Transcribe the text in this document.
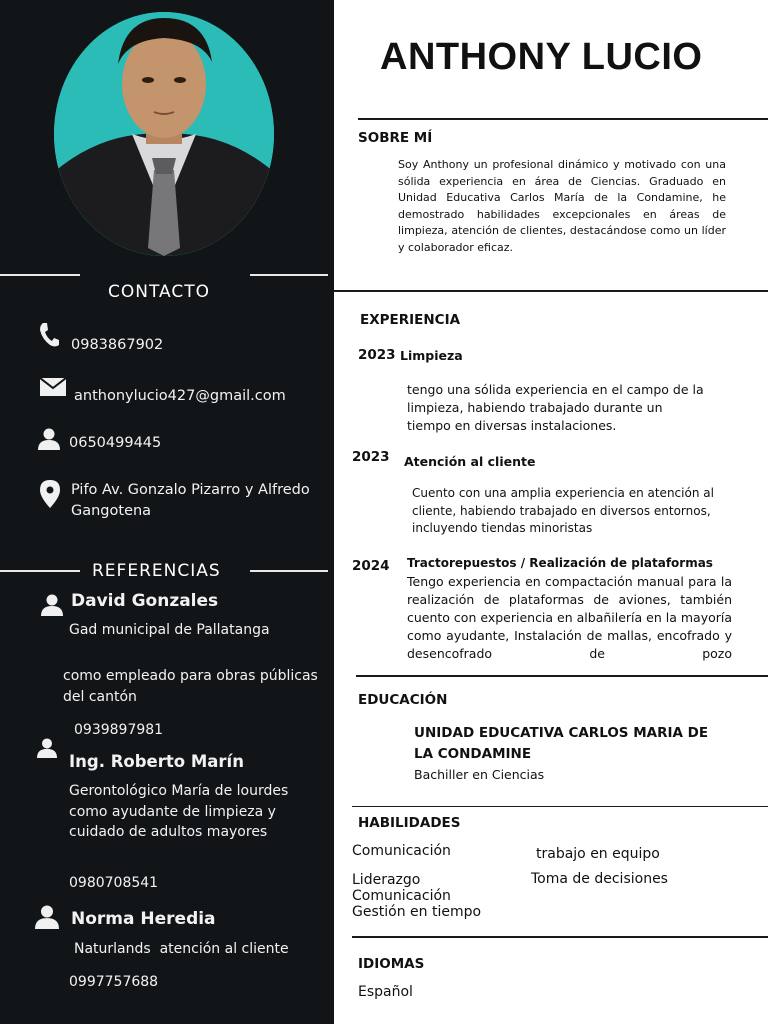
CONTACTO
0983867902
anthonylucio427@gmail.com
0650499445
Pifo Av. Gonzalo Pizarro y Alfredo Gangotena
REFERENCIAS
David Gonzales
Gad municipal de Pallatanga
como empleado para obras públicas del cantón
0939897981
Ing. Roberto Marín
Gerontológico María de lourdes como ayudante de limpieza y cuidado de adultos mayores
0980708541
Norma Heredia
Naturlands  atención al cliente
0997757688
ANTHONY LUCIO
SOBRE MÍ
Soy Anthony un profesional dinámico y motivado con una sólida experiencia en área de Ciencias. Graduado en Unidad Educativa Carlos María de la Condamine, he demostrado habilidades excepcionales en áreas de limpieza, atención de clientes, destacándose como un líder y colaborador eficaz.
EXPERIENCIA
2023 Limpieza
tengo una sólida experiencia en el campo de la limpieza, habiendo trabajado durante un tiempo en diversas instalaciones.
2023 Atención al cliente
Cuento con una amplia experiencia en atención al cliente, habiendo trabajado en diversos entornos, incluyendo tiendas minoristas
2024 Tractorepuestos / Realización de plataformas
Tengo experiencia en compactación manual para la realización de plataformas de aviones, también cuento con experiencia en albañilería en la mayoría como ayudante, Instalación de mallas, encofrado y desencofrado de pozo
EDUCACIÓN
UNIDAD EDUCATIVA CARLOS MARIA DE
LA CONDAMINE
Bachiller en Ciencias
HABILIDADES
Comunicación
Liderazgo
Comunicación
Gestión en tiempo
trabajo en equipo
Toma de decisiones
IDIOMAS
Español
